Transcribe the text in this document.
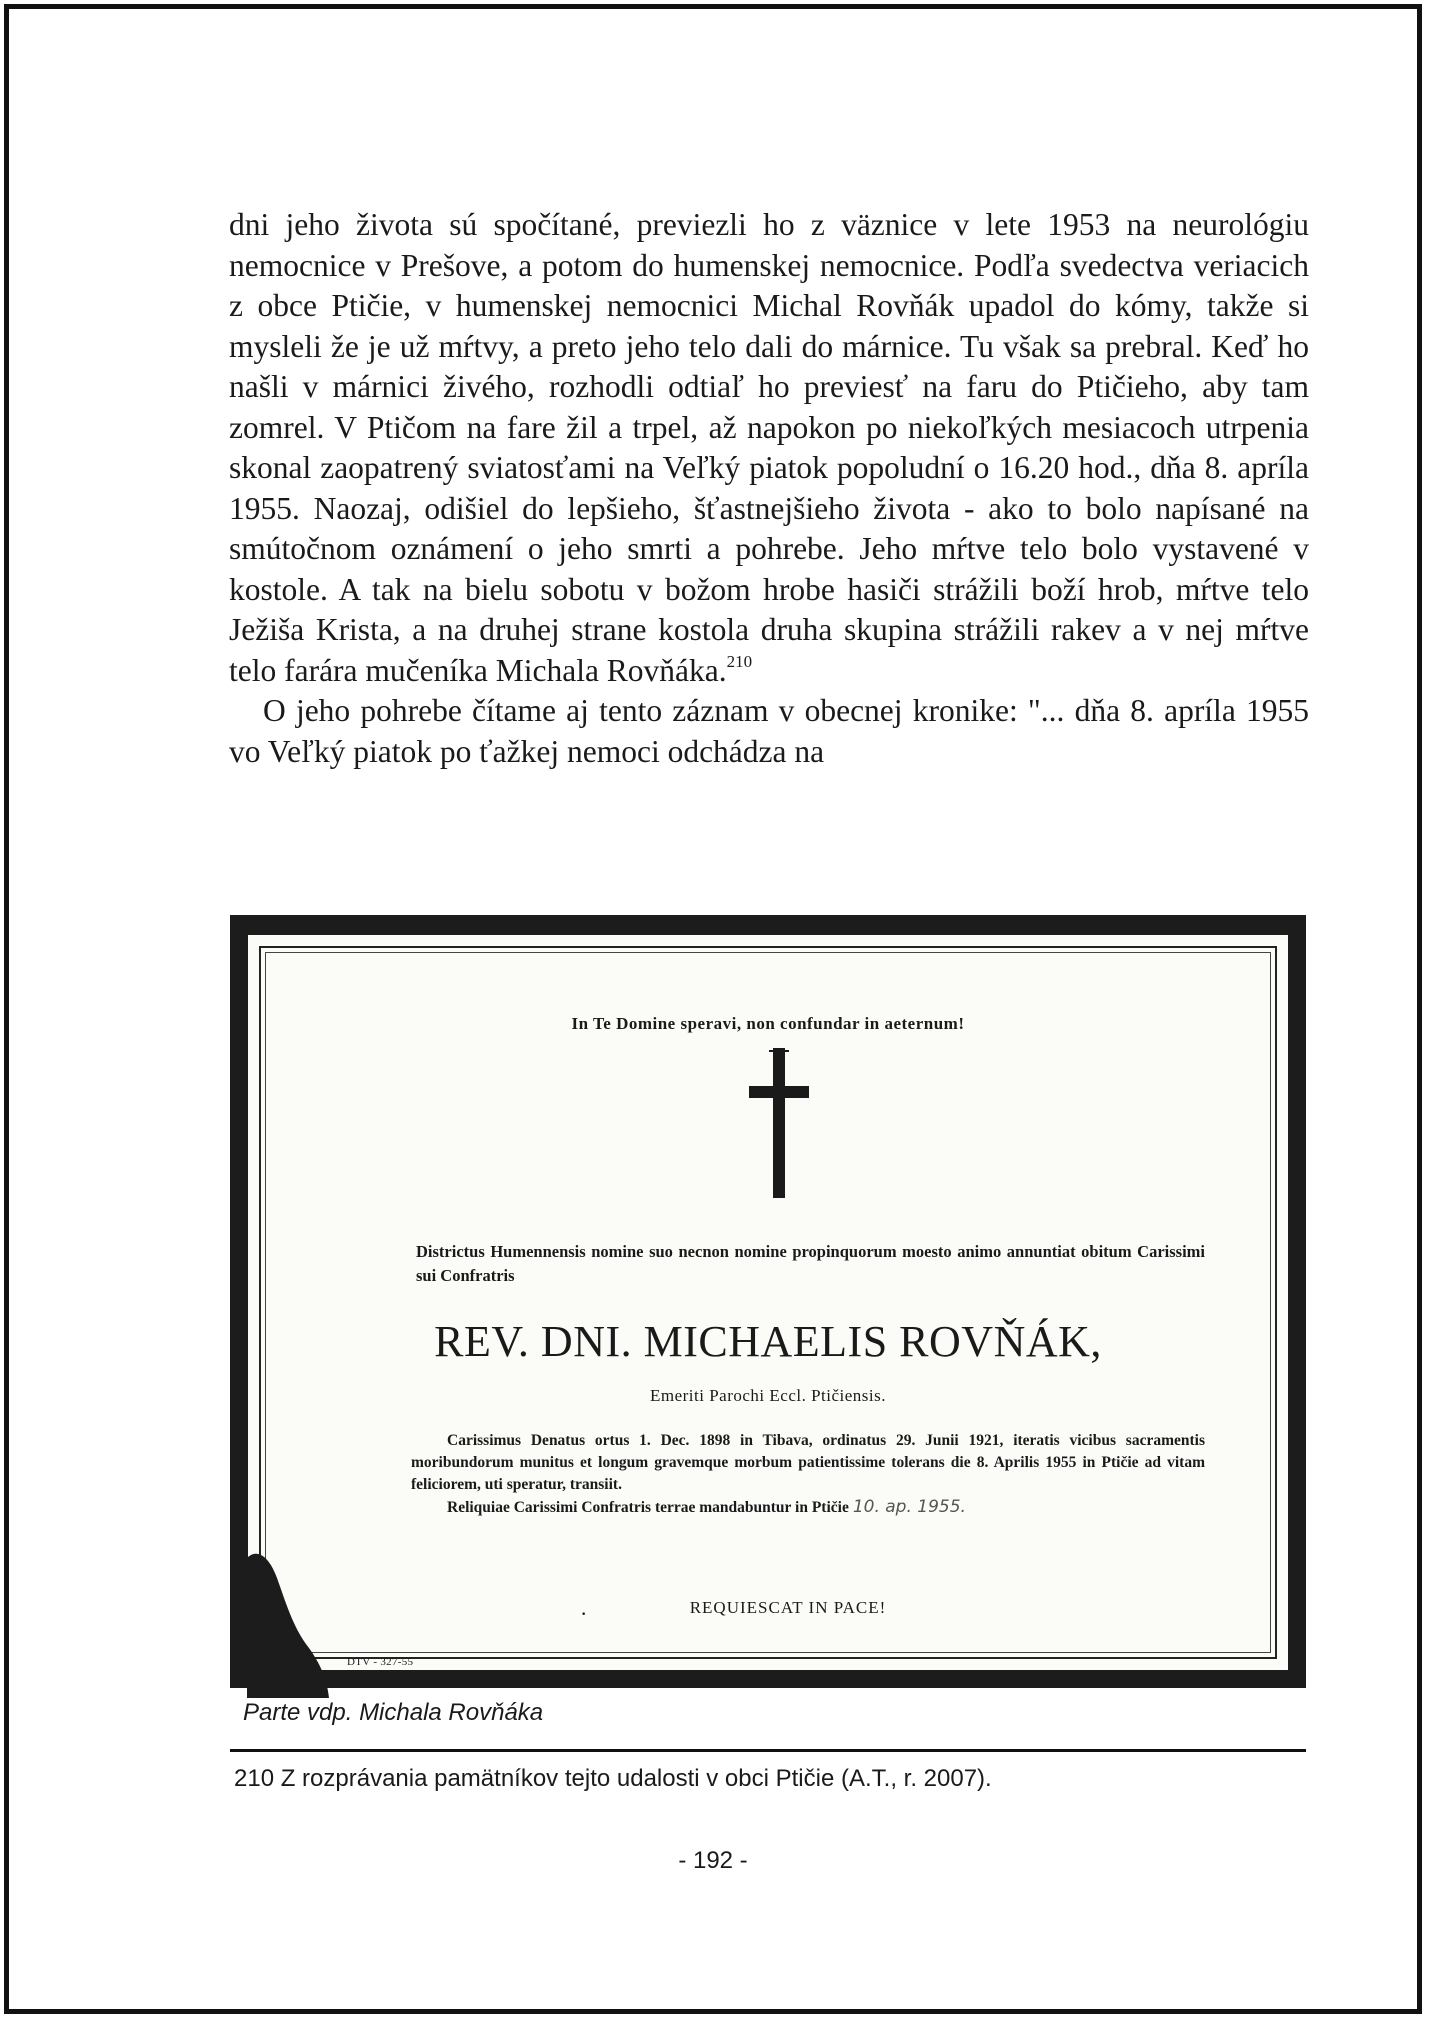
dni jeho života sú spočítané, previezli ho z väznice v lete 1953 na neurológiu nemocnice v Prešove, a potom do humenskej nemocnice. Podľa svedectva veriacich z obce Ptičie, v humenskej nemocnici Michal Rovňák upadol do kómy, takže si mysleli že je už mŕtvy, a preto jeho telo dali do márnice. Tu však sa prebral. Keď ho našli v márnici živého, rozhodli odtiaľ ho previesť na faru do Ptičieho, aby tam zomrel. V Ptičom na fare žil a trpel, až napokon po niekoľkých mesiacoch utrpenia skonal zaopatrený sviatosťami na Veľký piatok popoludní o 16.20 hod., dňa 8. apríla 1955. Naozaj, odišiel do lepšieho, šťastnejšieho života - ako to bolo napísané na smútočnom oznámení o jeho smrti a pohrebe. Jeho mŕtve telo bolo vystavené v kostole. A tak na bielu sobotu v božom hrobe hasiči strážili boží hrob, mŕtve telo Ježiša Krista, a na druhej strane kostola druha skupina strážili rakev a v nej mŕtve telo farára mučeníka Michala Rovňáka.$^{210}$

O jeho pohrebe čítame aj tento záznam v obecnej kronike: "... dňa 8. apríla 1955 vo Veľký piatok po ťažkej nemoci odchádza na

In Te Domine speravi, non confundar in aeternum!
Districtus Humennensis nomine suo necnon nomine propinquorum moesto animo annuntiat obitum Carissimi sui Confratris
REV. DNI. MICHAELIS ROVŇÁK,
Emeriti Parochi Eccl. Ptičiensis.

Carissimus Denatus ortus 1. Dec. 1898 in Tibava, ordinatus 29. Junii 1921, iteratis vicibus sacramentis moribundorum munitus et longum gravemque morbum patientissime tolerans die 8. Aprilis 1955 in Ptičie ad vitam feliciorem, uti speratur, transiit.

Reliquiae Carissimi Confratris terrae mandabuntur in Ptičie 10. ap. 1955.

·	REQUIESCAT IN PACE!
DTV - 327-55
Parte vdp. Michala Rovňáka
210 Z rozprávania pamätníkov tejto udalosti v obci Ptičie (A.T., r. 2007).
- 192 -
